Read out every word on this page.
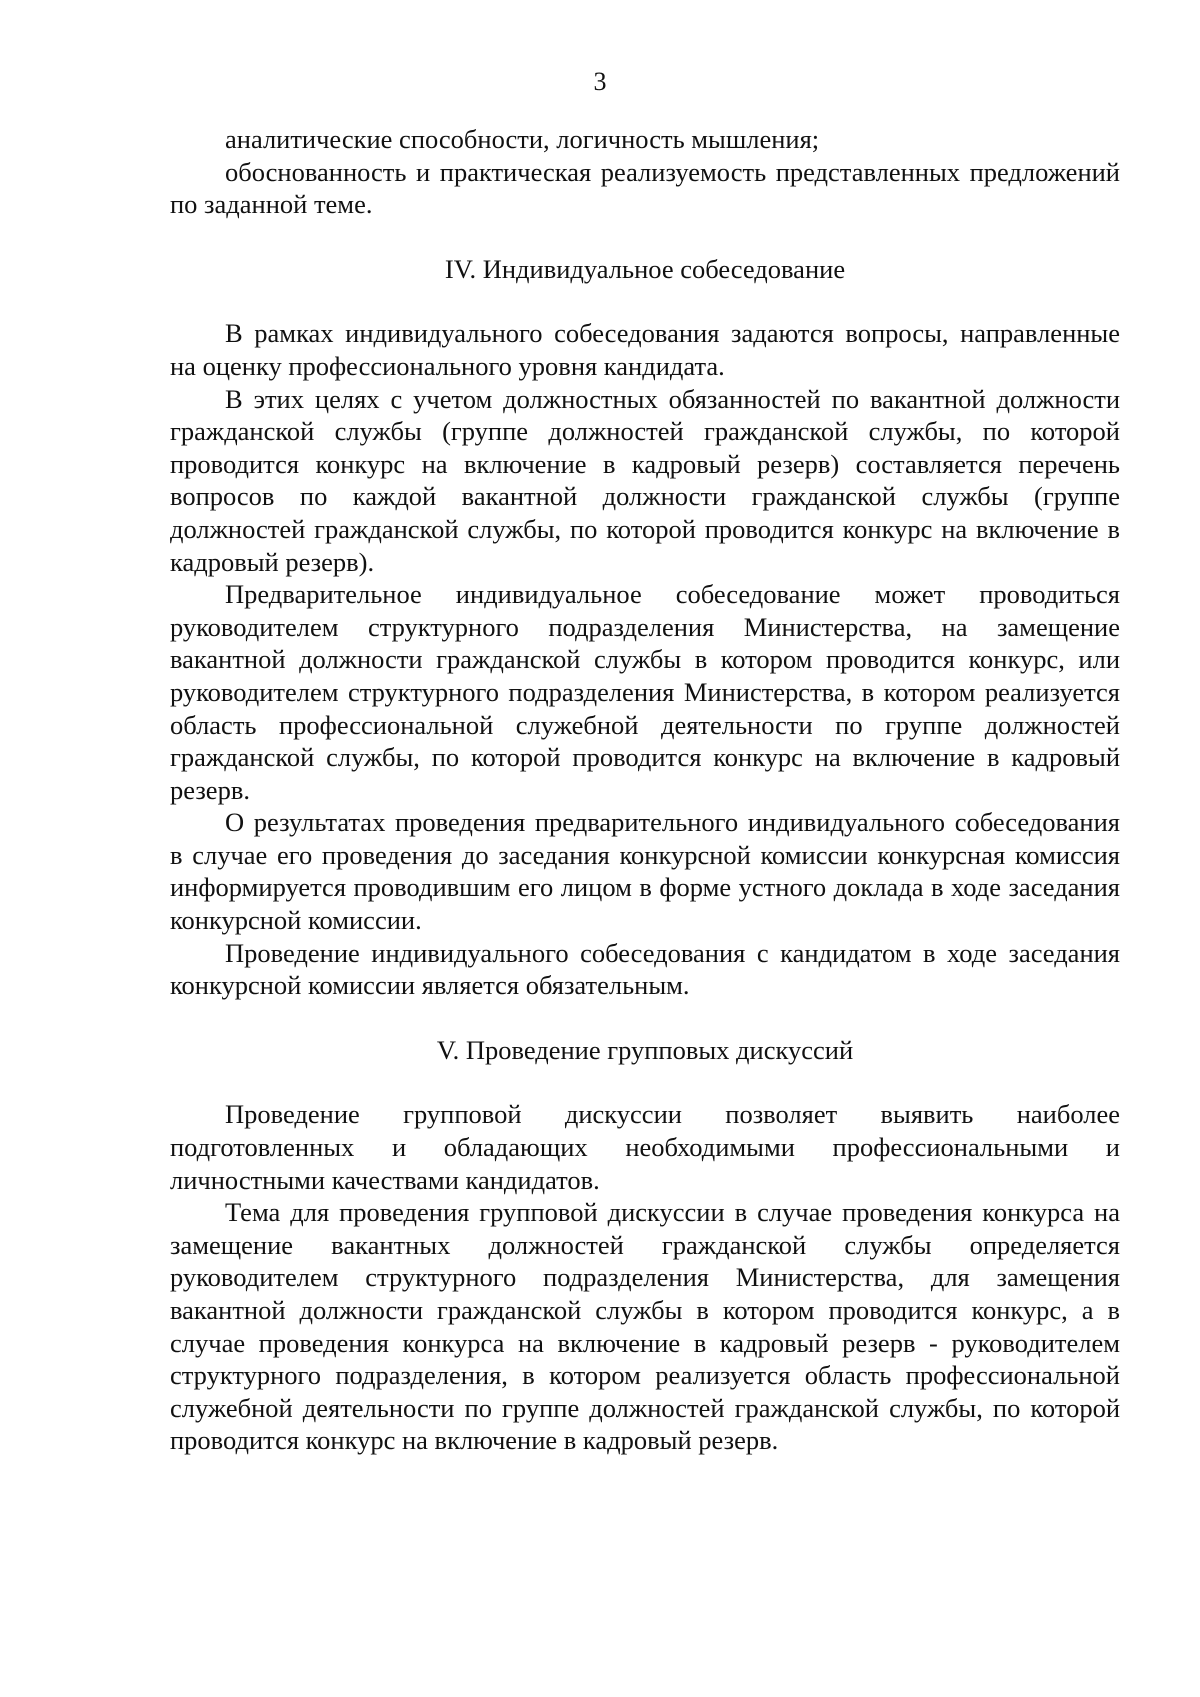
3

аналитические способности, логичность мышления;

обоснованность и практическая реализуемость представленных предложений по заданной теме.

IV. Индивидуальное собеседование

В рамках индивидуального собеседования задаются вопросы, направленные на оценку профессионального уровня кандидата.

В этих целях с учетом должностных обязанностей по вакантной должности гражданской службы (группе должностей гражданской службы, по которой проводится конкурс на включение в кадровый резерв) составляется перечень вопросов по каждой вакантной должности гражданской службы (группе должностей гражданской службы, по которой проводится конкурс на включение в кадровый резерв).

Предварительное индивидуальное собеседование может проводиться руководителем структурного подразделения Министерства, на замещение вакантной должности гражданской службы в котором проводится конкурс, или руководителем структурного подразделения Министерства, в котором реализуется область профессиональной служебной деятельности по группе должностей гражданской службы, по которой проводится конкурс на включение в кадровый резерв.

О результатах проведения предварительного индивидуального собеседования в случае его проведения до заседания конкурсной комиссии конкурсная комиссия информируется проводившим его лицом в форме устного доклада в ходе заседания конкурсной комиссии.

Проведение индивидуального собеседования с кандидатом в ходе заседания конкурсной комиссии является обязательным.

V. Проведение групповых дискуссий

Проведение групповой дискуссии позволяет выявить наиболее подготовленных и обладающих необходимыми профессиональными и личностными качествами кандидатов.

Тема для проведения групповой дискуссии в случае проведения конкурса на замещение вакантных должностей гражданской службы определяется руководителем структурного подразделения Министерства, для замещения вакантной должности гражданской службы в котором проводится конкурс, а в случае проведения конкурса на включение в кадровый резерв - руководителем структурного подразделения, в котором реализуется область профессиональной служебной деятельности по группе должностей гражданской службы, по которой проводится конкурс на включение в кадровый резерв.
